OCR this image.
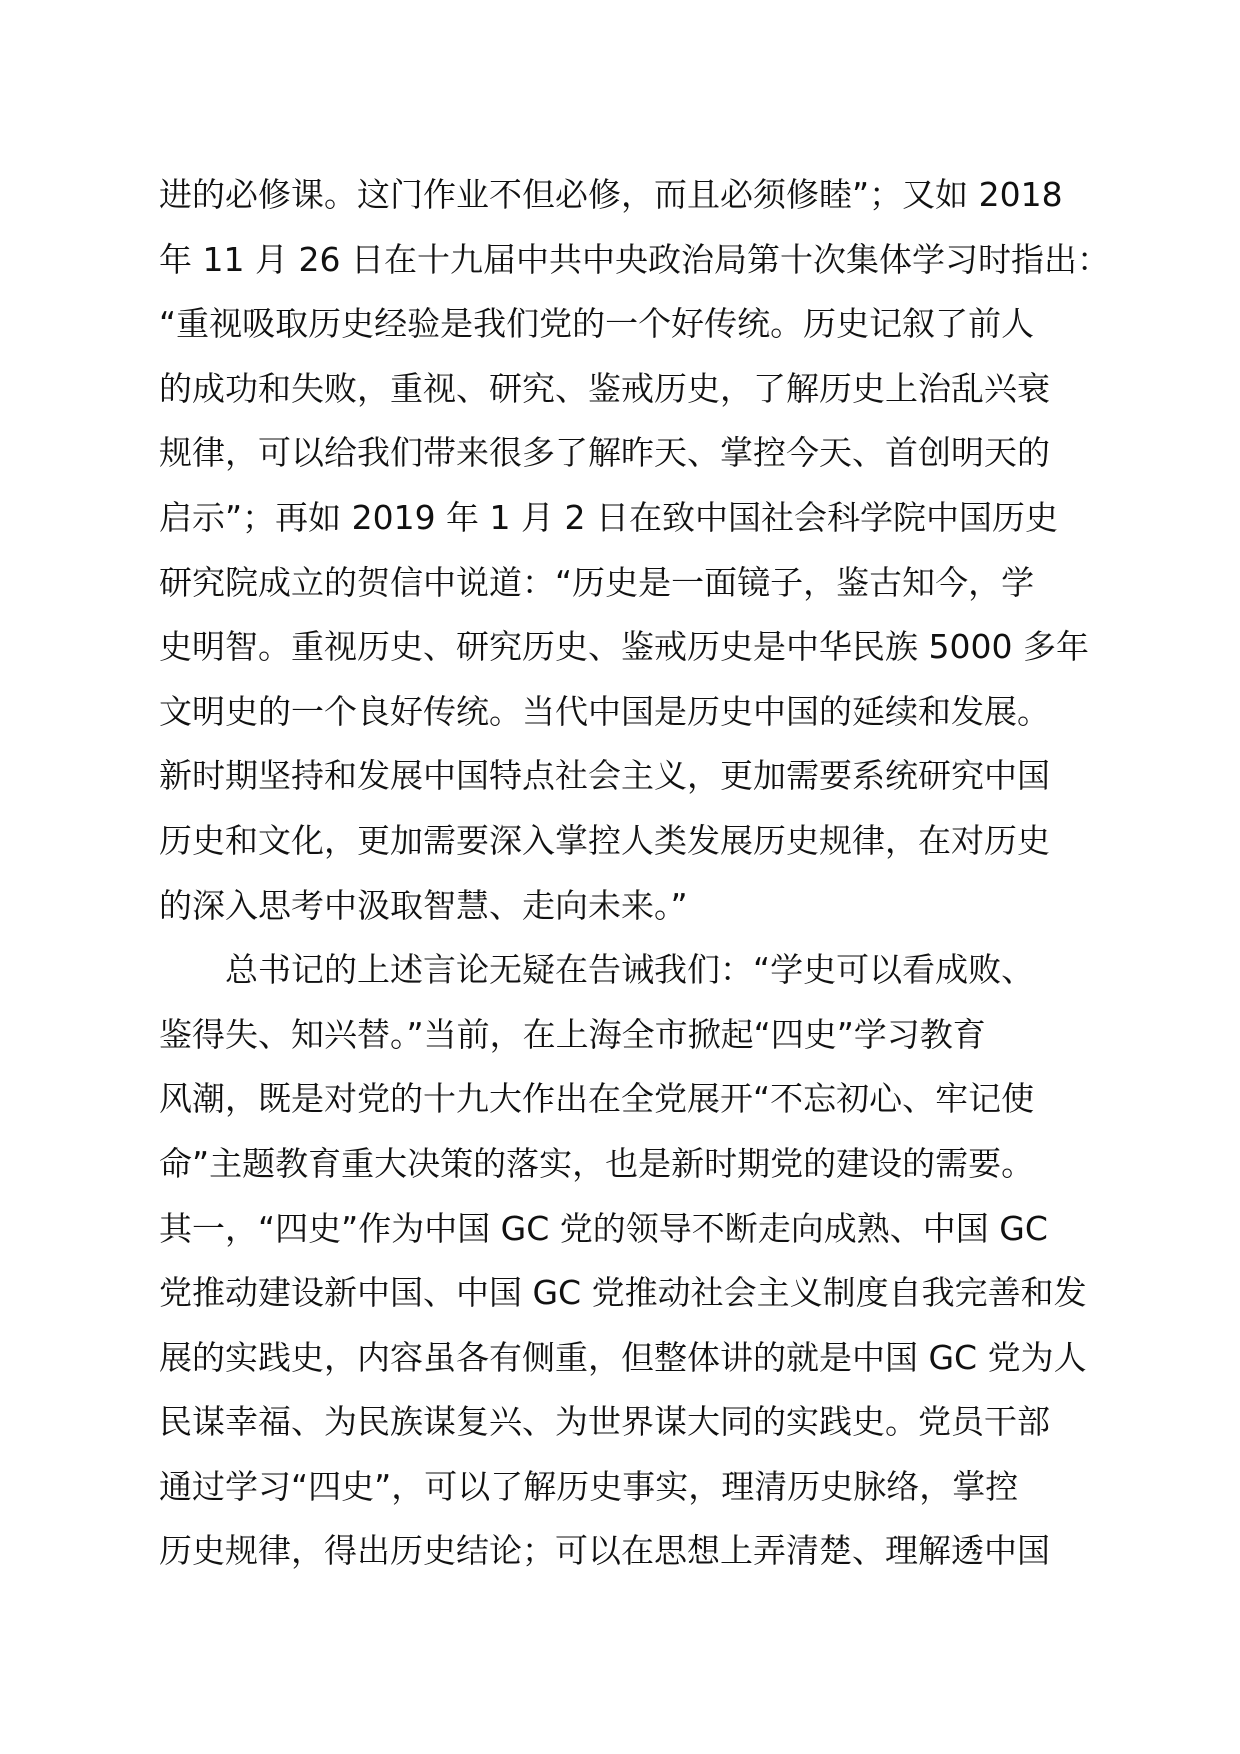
进的必修课。这门作业不但必修，而且必须修睦”；又如 2018
年 11 月 26 日在十九届中共中央政治局第十次集体学习时指出：
“重视吸取历史经验是我们党的一个好传统。历史记叙了前人
的成功和失败，重视、研究、鉴戒历史，了解历史上治乱兴衰
规律，可以给我们带来很多了解昨天、掌控今天、首创明天的
启示”；再如 2019 年 1 月 2 日在致中国社会科学院中国历史
研究院成立的贺信中说道：“历史是一面镜子，鉴古知今，学
史明智。重视历史、研究历史、鉴戒历史是中华民族 5000 多年
文明史的一个良好传统。当代中国是历史中国的延续和发展。
新时期坚持和发展中国特点社会主义，更加需要系统研究中国
历史和文化，更加需要深入掌控人类发展历史规律，在对历史
的深入思考中汲取智慧、走向未来。”
总书记的上述言论无疑在告诫我们：“学史可以看成败、
鉴得失、知兴替。”当前，在上海全市掀起“四史”学习教育
风潮，既是对党的十九大作出在全党展开“不忘初心、牢记使
命”主题教育重大决策的落实，也是新时期党的建设的需要。
其一，“四史”作为中国 GC 党的领导不断走向成熟、中国 GC
党推动建设新中国、中国 GC 党推动社会主义制度自我完善和发
展的实践史，内容虽各有侧重，但整体讲的就是中国 GC 党为人
民谋幸福、为民族谋复兴、为世界谋大同的实践史。党员干部
通过学习“四史”，可以了解历史事实，理清历史脉络，掌控
历史规律，得出历史结论；可以在思想上弄清楚、理解透中国
